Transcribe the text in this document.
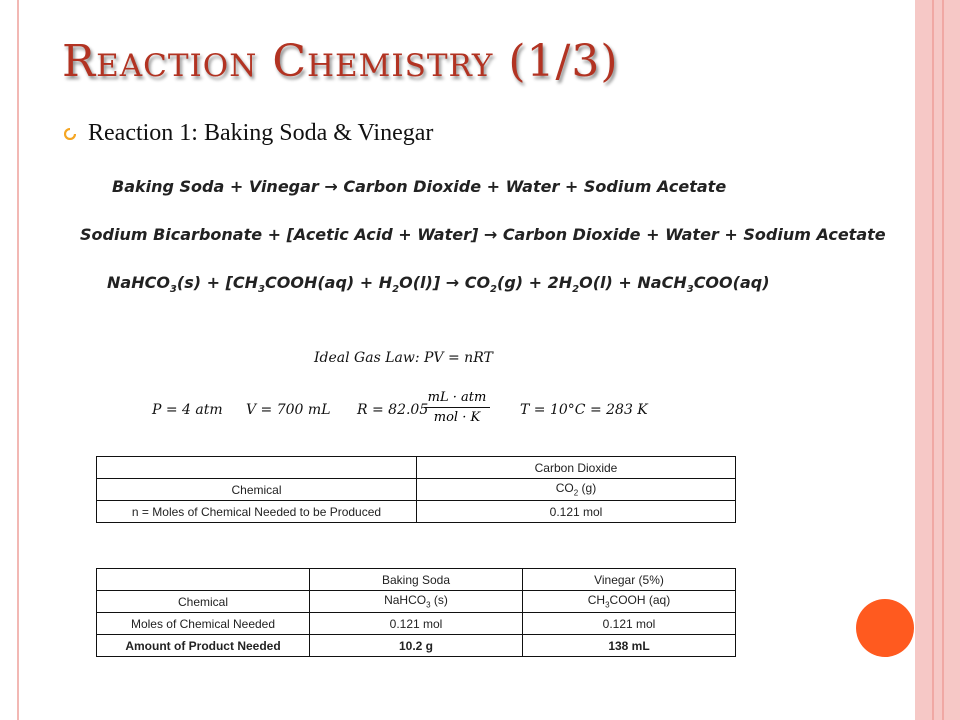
Reaction Chemistry (1/3)
Reaction 1: Baking Soda & Vinegar
Baking Soda + Vinegar → Carbon Dioxide + Water + Sodium Acetate
Sodium Bicarbonate + [Acetic Acid + Water] → Carbon Dioxide + Water + Sodium Acetate
NaHCO$_3$(s) + $[CH_3COOH(aq) + H_2O(l)] \to CO_2(g) + 2H_2O(l)$ + NaCH$_3$COO(aq)
Ideal Gas Law: PV = nRT
P = 4 atm V = 700 mL R = 82.05
mL · atm
mol · K	T = 10°C = 283 K
	Carbon Dioxide
Chemical	$CO_2$ (g)
n = Moles of Chemical Needed to be Produced	0.121 mol
	Baking Soda	Vinegar (5%)
Chemical	NaHCO$_3$ (s)	$CH_3COOH$ (aq)
Moles of Chemical Needed	0.121 mol	0.121 mol
Amount of Product Needed	10.2 g	138 mL
